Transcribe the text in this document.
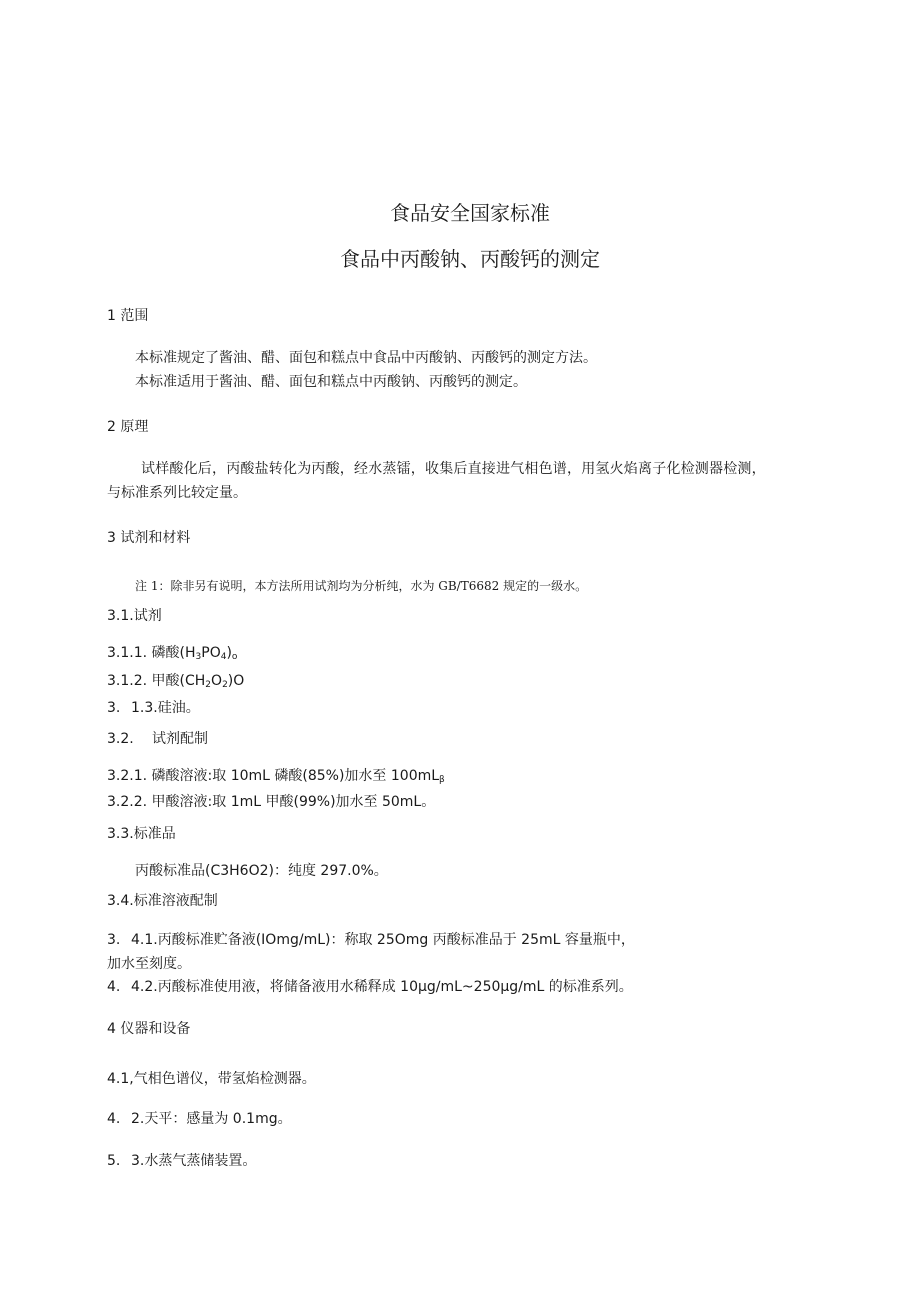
食品安全国家标准
食品中丙酸钠、丙酸钙的测定
1 范围
本标准规定了酱油、醋、面包和糕点中食品中丙酸钠、丙酸钙的测定方法。
本标准适用于酱油、醋、面包和糕点中丙酸钠、丙酸钙的测定。
2 原理
试样酸化后，丙酸盐转化为丙酸，经水蒸镭，收集后直接进气相色谱，用氢火焰离子化检测器检测，
与标准系列比较定量。
3 试剂和材料
注 1：除非另有说明，本方法所用试剂均为分析纯，水为 GB/T6682 规定的一级水。
3.1.试剂
3.1.1. 磷酸$(H_3PO_4)o$
3.1.2. 甲酸$(CH_2O_2)O$
3. 1.3.硅油。
3.2. 试剂配制
3.2.1. 磷酸溶液:取 10mL 磷酸(85%)加水至 100mLβ
3.2.2. 甲酸溶液:取 1mL 甲酸(99%)加水至 50mL。
3.3.标准品
丙酸标准品(C3H6O2)：纯度 297.0%。
3.4.标准溶液配制
3. 4.1.丙酸标准贮备液(IOmg/mL)：称取 25Omg 丙酸标准品于 25mL 容量瓶中，
加水至刻度。
4. 4.2.丙酸标准使用液，将储备液用水稀释成 10μg∕mL~250μg∕mL 的标准系列。
4 仪器和设备
4.1,气相色谱仪，带氢焰检测器。
4. 2.天平：感量为 0.1mg。
5. 3.水蒸气蒸储装置。
